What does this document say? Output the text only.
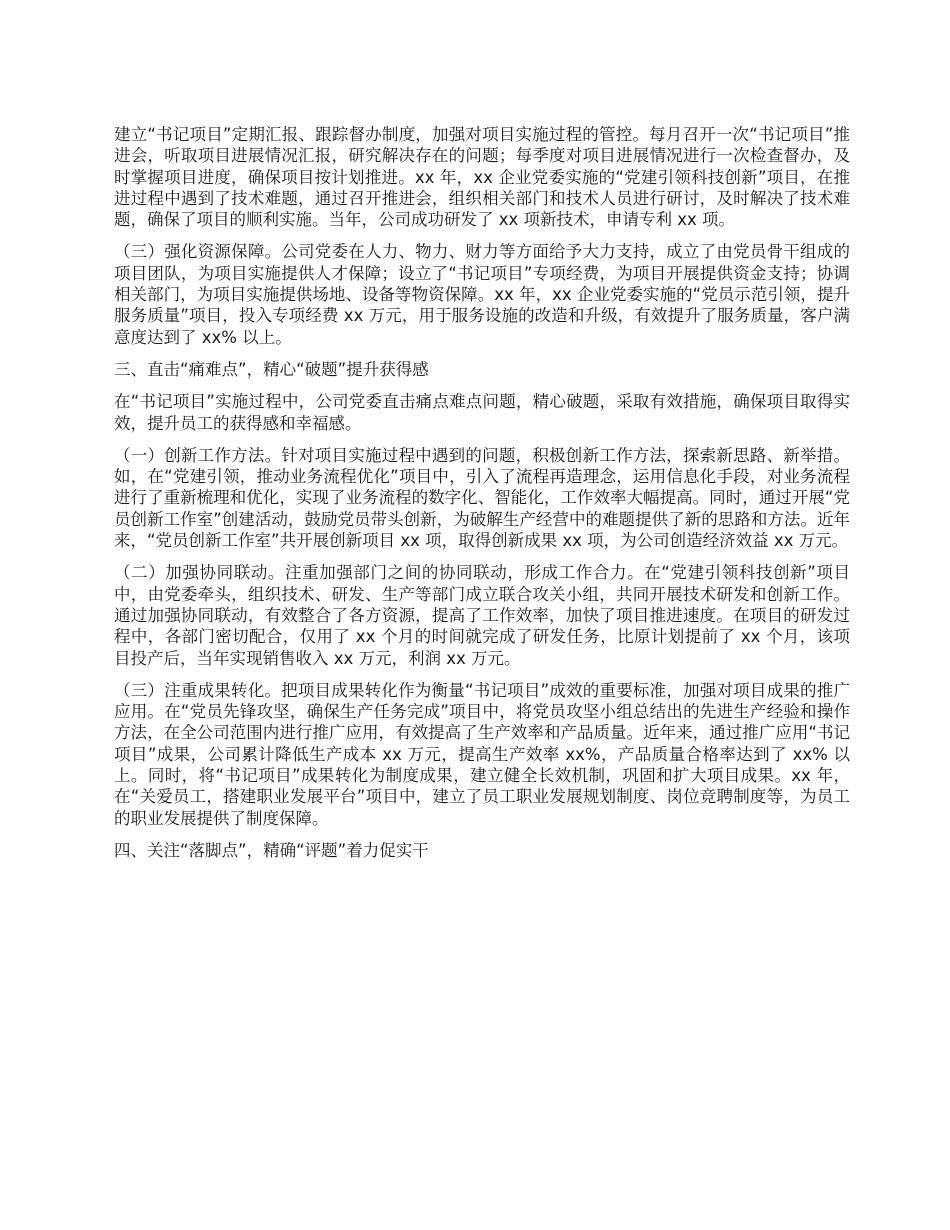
建立“书记项目”定期汇报、跟踪督办制度，加强对项目实施过程的管控。每月召开一次“书记项目”推进会，听取项目进展情况汇报，研究解决存在的问题；每季度对项目进展情况进行一次检查督办，及时掌握项目进度，确保项目按计划推进。xx 年，xx 企业党委实施的“党建引领科技创新”项目，在推进过程中遇到了技术难题，通过召开推进会，组织相关部门和技术人员进行研讨，及时解决了技术难题，确保了项目的顺利实施。当年，公司成功研发了 xx 项新技术，申请专利 xx 项。

（三）强化资源保障。公司党委在人力、物力、财力等方面给予大力支持，成立了由党员骨干组成的项目团队，为项目实施提供人才保障；设立了“书记项目”专项经费，为项目开展提供资金支持；协调相关部门，为项目实施提供场地、设备等物资保障。xx 年，xx 企业党委实施的“党员示范引领，提升服务质量”项目，投入专项经费 xx 万元，用于服务设施的改造和升级，有效提升了服务质量，客户满意度达到了 xx% 以上。

三、直击“痛难点”，精心“破题”提升获得感

在“书记项目”实施过程中，公司党委直击痛点难点问题，精心破题，采取有效措施，确保项目取得实效，提升员工的获得感和幸福感。

（一）创新工作方法。针对项目实施过程中遇到的问题，积极创新工作方法，探索新思路、新举措。如，在“党建引领，推动业务流程优化”项目中，引入了流程再造理念，运用信息化手段，对业务流程进行了重新梳理和优化，实现了业务流程的数字化、智能化，工作效率大幅提高。同时，通过开展“党员创新工作室”创建活动，鼓励党员带头创新，为破解生产经营中的难题提供了新的思路和方法。近年来，“党员创新工作室”共开展创新项目 xx 项，取得创新成果 xx 项，为公司创造经济效益 xx 万元。

（二）加强协同联动。注重加强部门之间的协同联动，形成工作合力。在“党建引领科技创新”项目中，由党委牵头，组织技术、研发、生产等部门成立联合攻关小组，共同开展技术研发和创新工作。通过加强协同联动，有效整合了各方资源，提高了工作效率，加快了项目推进速度。在项目的研发过程中，各部门密切配合，仅用了 xx 个月的时间就完成了研发任务，比原计划提前了 xx 个月，该项目投产后，当年实现销售收入 xx 万元，利润 xx 万元。

（三）注重成果转化。把项目成果转化作为衡量“书记项目”成效的重要标准，加强对项目成果的推广应用。在“党员先锋攻坚，确保生产任务完成”项目中，将党员攻坚小组总结出的先进生产经验和操作方法，在全公司范围内进行推广应用，有效提高了生产效率和产品质量。近年来，通过推广应用“书记项目”成果，公司累计降低生产成本 xx 万元，提高生产效率 xx%，产品质量合格率达到了 xx% 以上。同时，将“书记项目”成果转化为制度成果，建立健全长效机制，巩固和扩大项目成果。xx 年，在“关爱员工，搭建职业发展平台”项目中，建立了员工职业发展规划制度、岗位竞聘制度等，为员工的职业发展提供了制度保障。

四、关注“落脚点”，精确“评题”着力促实干
